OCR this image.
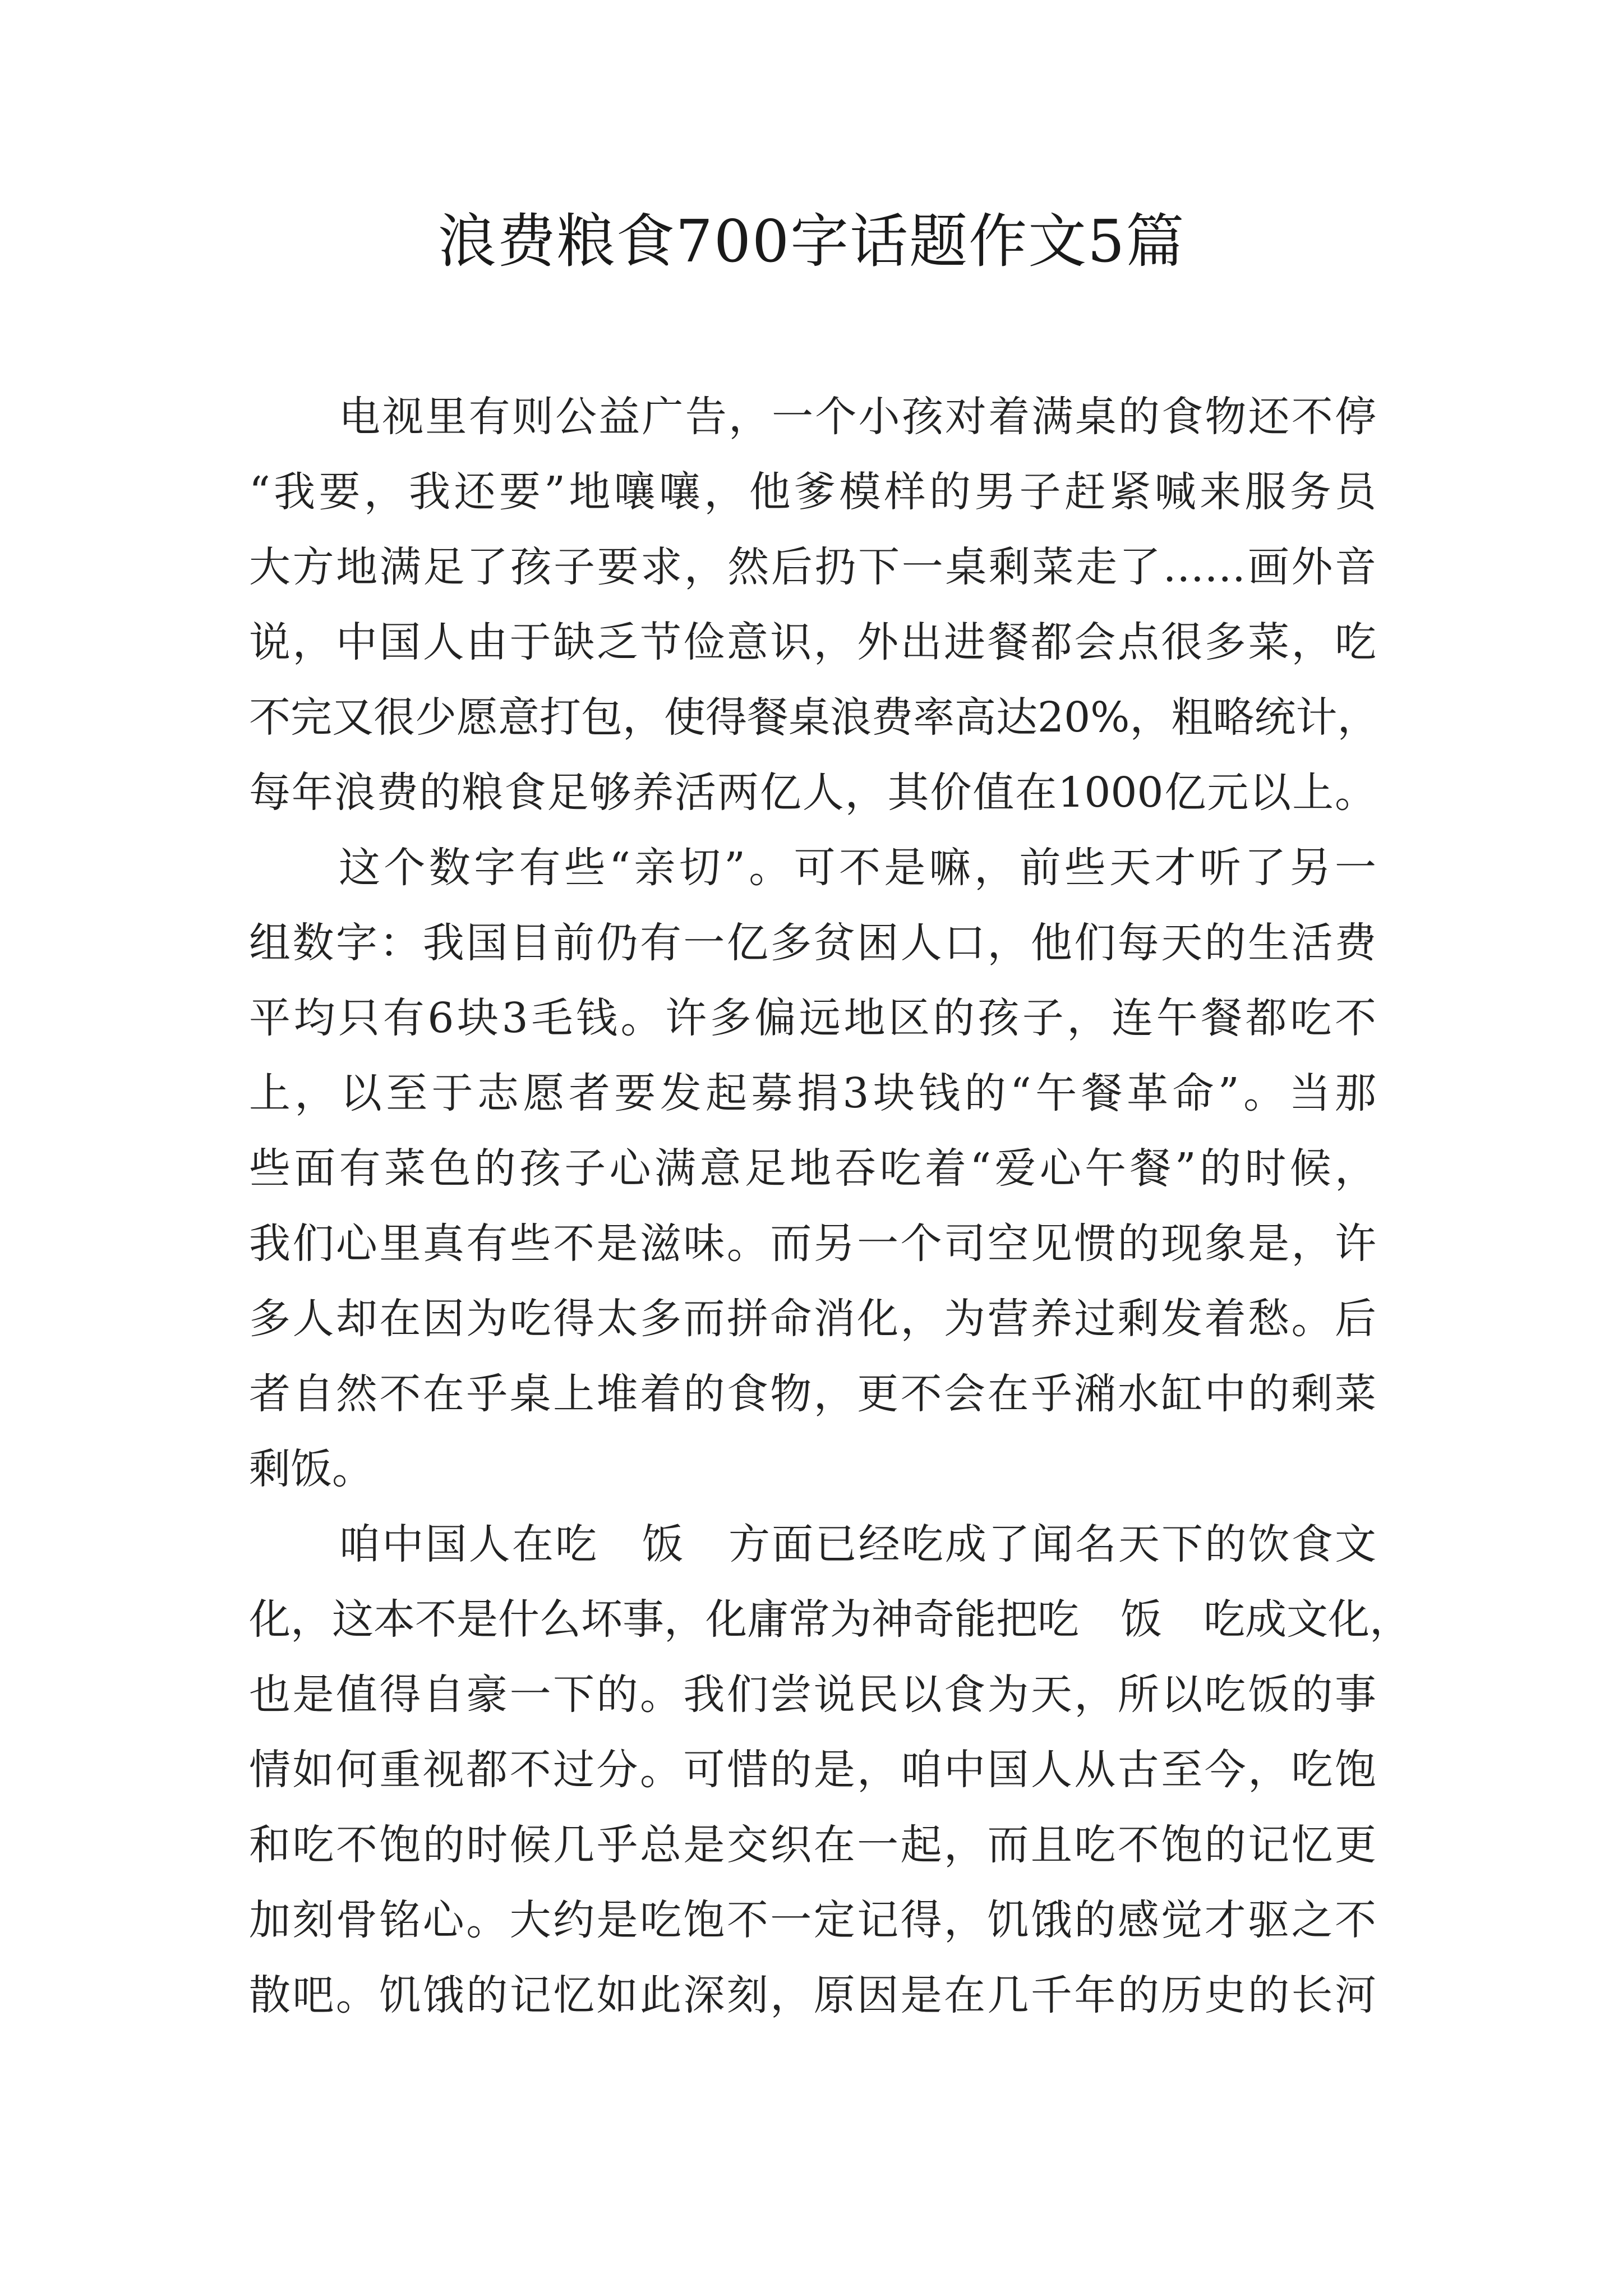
浪费粮食700字话题作文5篇

电视里有则公益广告，一个小孩对着满桌的食物还不停

“我要，我还要”地嚷嚷，他爹模样的男子赶紧喊来服务员

大方地满足了孩子要求，然后扔下一桌剩菜走了……画外音

说，中国人由于缺乏节俭意识，外出进餐都会点很多菜，吃

不完又很少愿意打包，使得餐桌浪费率高达20%，粗略统计，

每年浪费的粮食足够养活两亿人，其价值在1000亿元以上。

这个数字有些“亲切”。可不是嘛，前些天才听了另一

组数字：我国目前仍有一亿多贫困人口，他们每天的生活费

平均只有6块3毛钱。许多偏远地区的孩子，连午餐都吃不

上，以至于志愿者要发起募捐3块钱的“午餐革命”。当那

些面有菜色的孩子心满意足地吞吃着“爱心午餐”的时候，

我们心里真有些不是滋味。而另一个司空见惯的现象是，许

多人却在因为吃得太多而拼命消化，为营养过剩发着愁。后

者自然不在乎桌上堆着的食物，更不会在乎潲水缸中的剩菜

剩饭。

咱中国人在吃　饭　方面已经吃成了闻名天下的饮食文

化，这本不是什么坏事，化庸常为神奇能把吃　饭　吃成文化，

也是值得自豪一下的。我们尝说民以食为天，所以吃饭的事

情如何重视都不过分。可惜的是，咱中国人从古至今，吃饱

和吃不饱的时候几乎总是交织在一起，而且吃不饱的记忆更

加刻骨铭心。大约是吃饱不一定记得，饥饿的感觉才驱之不

散吧。饥饿的记忆如此深刻，原因是在几千年的历史的长河
